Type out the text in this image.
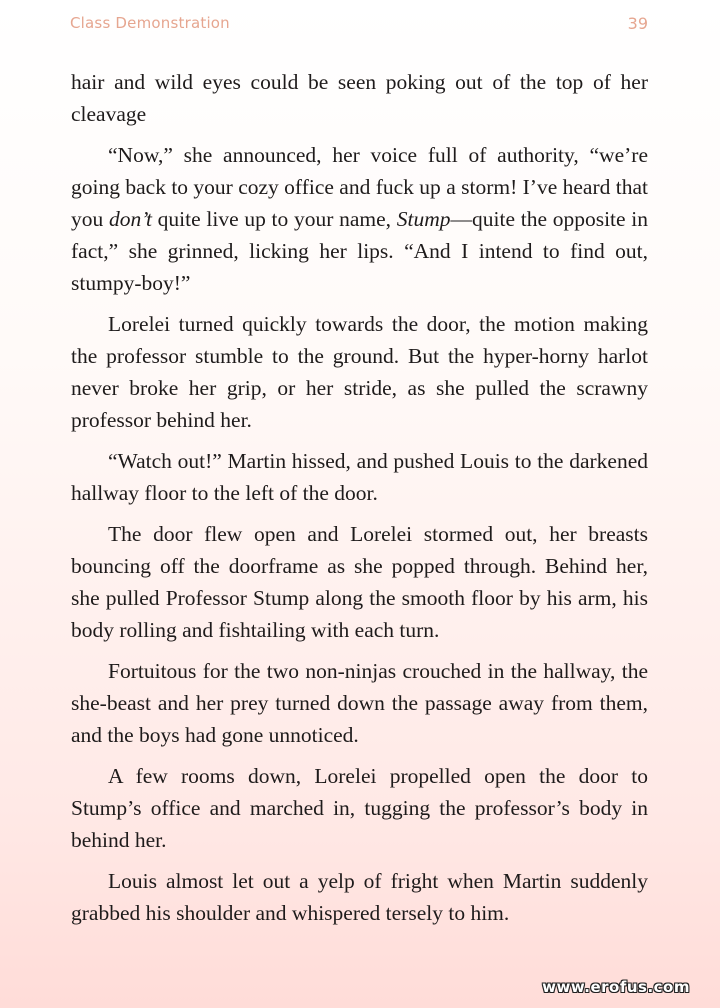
Class Demonstration	39

hair and wild eyes could be seen poking out of the top of her cleavage

“Now,” she announced, her voice full of authority, “we’re going back to your cozy office and fuck up a storm! I’ve heard that you don’t quite live up to your name, Stump—quite the opposite in fact,” she grinned, licking her lips. “And I intend to find out, stumpy-boy!”

Lorelei turned quickly towards the door, the motion making the professor stumble to the ground. But the hyper-horny harlot never broke her grip, or her stride, as she pulled the scrawny professor behind her.

“Watch out!” Martin hissed, and pushed Louis to the darkened hallway floor to the left of the door.

The door flew open and Lorelei stormed out, her breasts bouncing off the doorframe as she popped through. Behind her, she pulled Professor Stump along the smooth floor by his arm, his body rolling and fishtailing with each turn.

Fortuitous for the two non-ninjas crouched in the hallway, the she-beast and her prey turned down the passage away from them, and the boys had gone unnoticed.

A few rooms down, Lorelei propelled open the door to Stump’s office and marched in, tugging the professor’s body in behind her.

Louis almost let out a yelp of fright when Martin suddenly grabbed his shoulder and whispered tersely to him.

www.erofus.com
